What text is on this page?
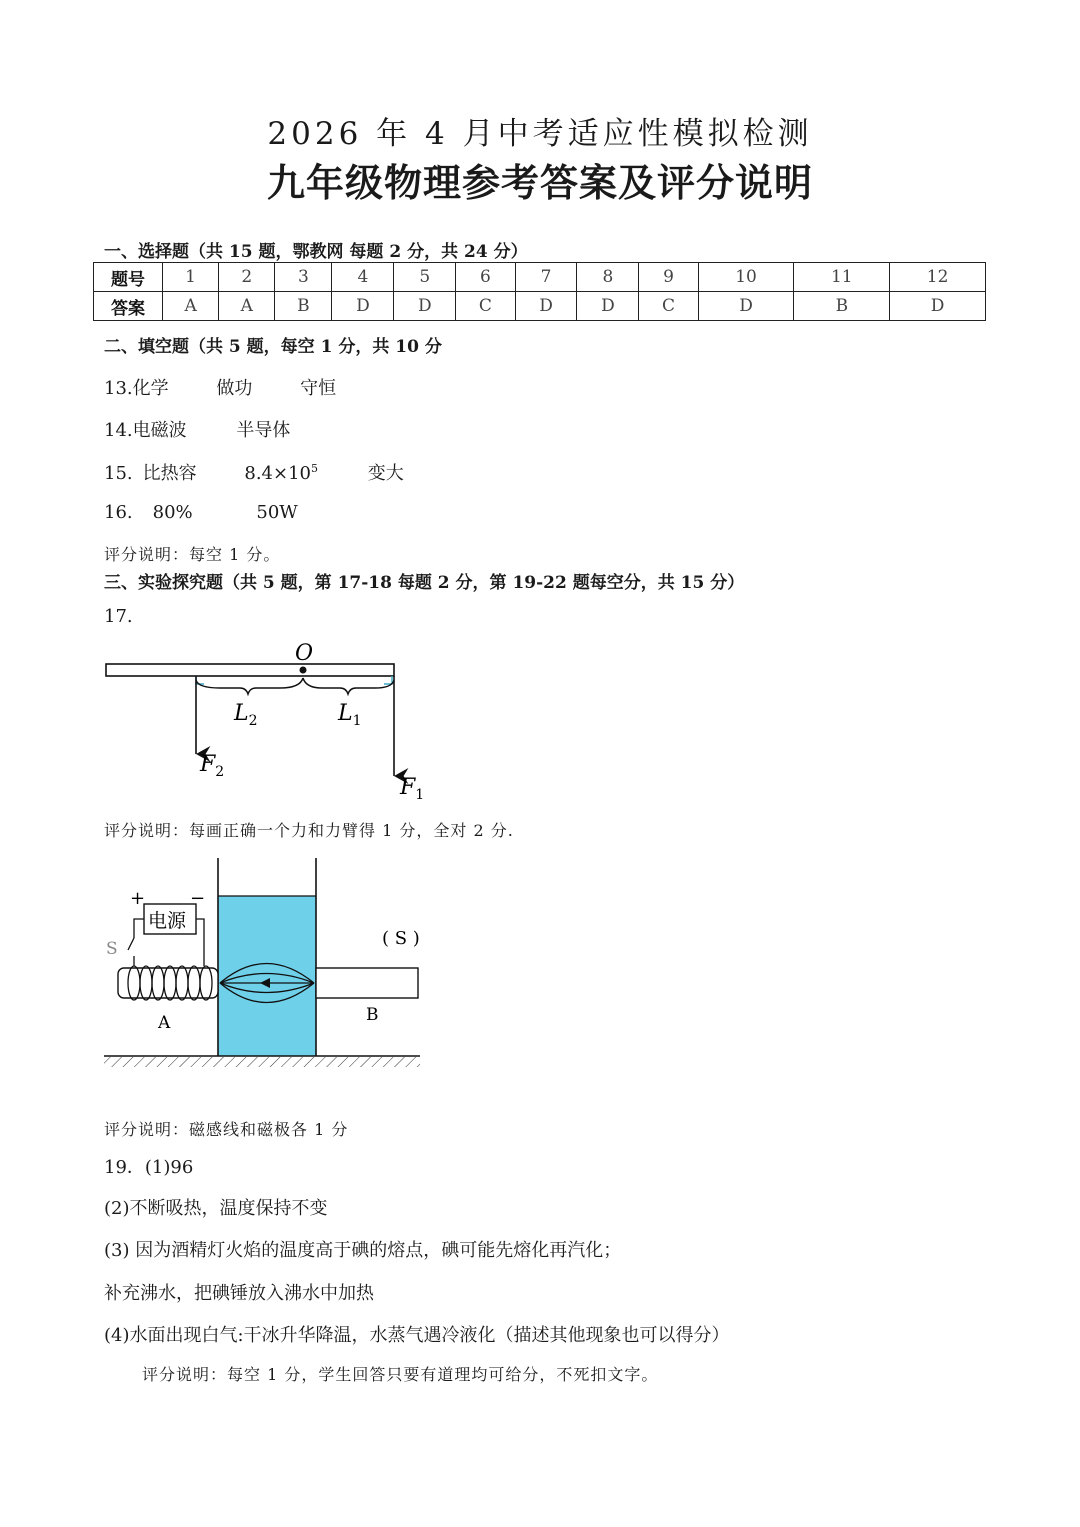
2026 年 4 月中考适应性模拟检测
九年级物理参考答案及评分说明
一、选择题（共 15 题，鄂教网 每题 2 分，共 24 分）
题号	1	2	3	4	5	6	7	8	9	10	11	12
答案	A	A	B	D	D	C	D	D	C	D	B	D
二、填空题（共 5 题，每空 1 分，共 10 分
13.化学	做功	守恒
14.电磁波	半导体
15. 比热容	$8.4\times 10^5$	变大
16. 80%	50W
评分说明：每空 1 分。
三、实验探究题（共 5 题，第 17-18 每题 2 分，第 19-22 题每空分，共 15 分）
17.
O
$L_2$	$L_1$
$F_2$
$F_1$
评分说明：每画正确一个力和力臂得 1 分，全对 2 分.
电源
+ −
S
A	B
( S )
评分说明：磁感线和磁极各 1 分
19．(1)96
(2)不断吸热，温度保持不变
(3) 因为酒精灯火焰的温度高于碘的熔点，碘可能先熔化再汽化；
补充沸水，把碘锤放入沸水中加热
(4)水面出现白气:干冰升华降温，水蒸气遇冷液化（描述其他现象也可以得分）
评分说明：每空 1 分，学生回答只要有道理均可给分，不死扣文字。
